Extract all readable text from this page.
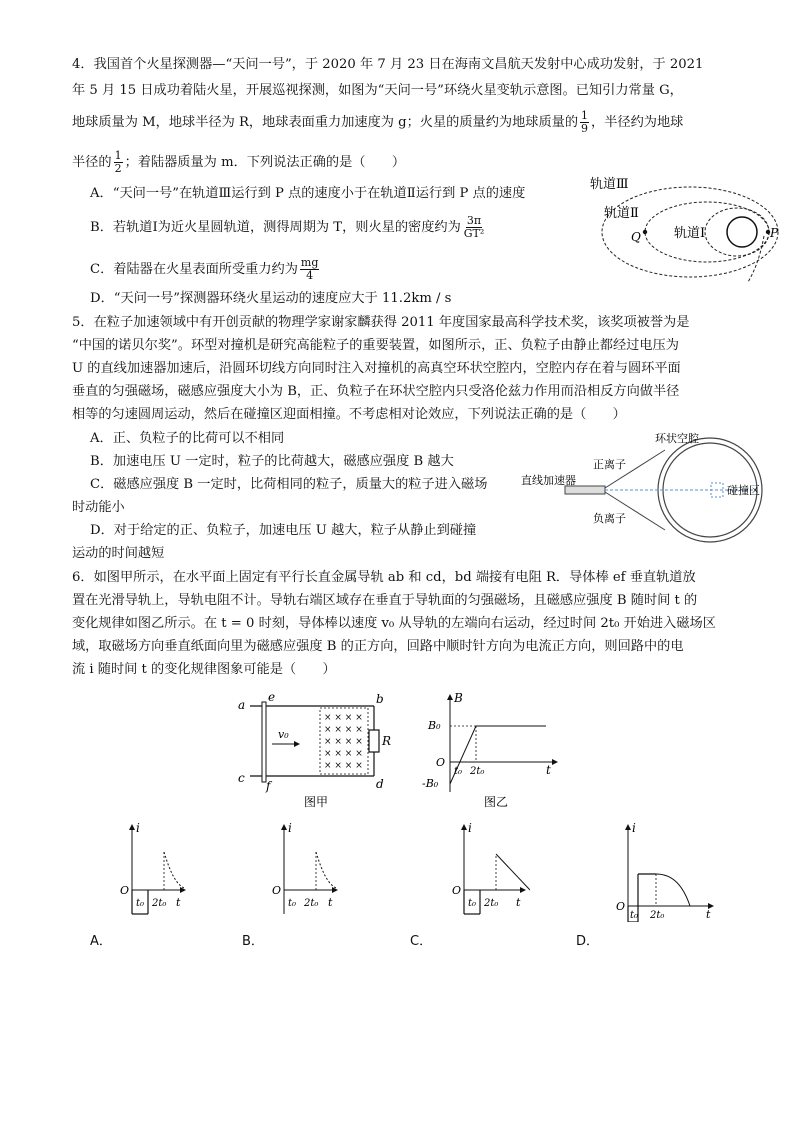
4．我国首个火星探测器—“天问一号”，于 2020 年 7 月 23 日在海南文昌航天发射中心成功发射，于 2021
年 5 月 15 日成功着陆火星，开展巡视探测，如图为“天问一号”环绕火星变轨示意图。已知引力常量 G，
地球质量为 M，地球半径为 R，地球表面重力加速度为 g；火星的质量约为地球质量的 $\frac{1}{9}$ ，半径约为地球
半径的 $\frac{1}{2}$ ；着陆器质量为 m．下列说法正确的是（　　）
A．“天问一号”在轨道Ⅲ运行到 P 点的速度小于在轨道Ⅱ运行到 P 点的速度
B．若轨道Ⅰ为近火星圆轨道，测得周期为 T，则火星的密度约为 $\frac{3\pi}{\text{GT²}}$
C．着陆器在火星表面所受重力约为 $\frac{mg}{4}$
D．“天问一号”探测器环绕火星运动的速度应大于 11.2km / s
轨道Ⅲ
轨道Ⅱ
轨道Ⅰ
Q	P
5．在粒子加速领域中有开创贡献的物理学家谢家麟获得 2011 年度国家最高科学技术奖，该奖项被誉为是
“中国的诺贝尔奖”。环型对撞机是研究高能粒子的重要装置，如图所示，正、负粒子由静止都经过电压为
U 的直线加速器加速后，沿圆环切线方向同时注入对撞机的高真空环状空腔内，空腔内存在着与圆环平面
垂直的匀强磁场，磁感应强度大小为 B，正、负粒子在环状空腔内只受洛伦兹力作用而沿相反方向做半径
相等的匀速圆周运动，然后在碰撞区迎面相撞。不考虑相对论效应，下列说法正确的是（　　）
A．正、负粒子的比荷可以不相同
B．加速电压 U 一定时，粒子的比荷越大，磁感应强度 B 越大
C．磁感应强度 B 一定时，比荷相同的粒子，质量大的粒子进入磁场
时动能小
D．对于给定的正、负粒子，加速电压 U 越大，粒子从静止到碰撞
运动的时间越短
环状空腔
正离子
负离子
直线加速器
碰撞区
6．如图甲所示，在水平面上固定有平行长直金属导轨 ab 和 cd，bd 端接有电阻 R．导体棒 ef 垂直轨道放
置在光滑导轨上，导轨电阻不计。导轨右端区域存在垂直于导轨面的匀强磁场，且磁感应强度 B 随时间 t 的
变化规律如图乙所示。在 t = 0 时刻，导体棒以速度 v₀ 从导轨的左端向右运动，经过时间 2t₀ 开始进入磁场区
域，取磁场方向垂直纸面向里为磁感应强度 B 的正方向，回路中顺时针方向为电流正方向，则回路中的电
流 i 随时间 t 的变化规律图象可能是（　　）
× × × ×
× × × ×
× × × ×
× × × ×
× × × ×
a	b
c	d
e
f
v₀	R
图甲
B
B₀
O
-B₀
t₀ 2t₀	t
图乙
i
O
t₀ 2t₀ t
A．
i
O
t₀ 2t₀ t
B．
i
O
t₀ 2t₀ t
C．
i
O
t₀ 2t₀	t
D．
